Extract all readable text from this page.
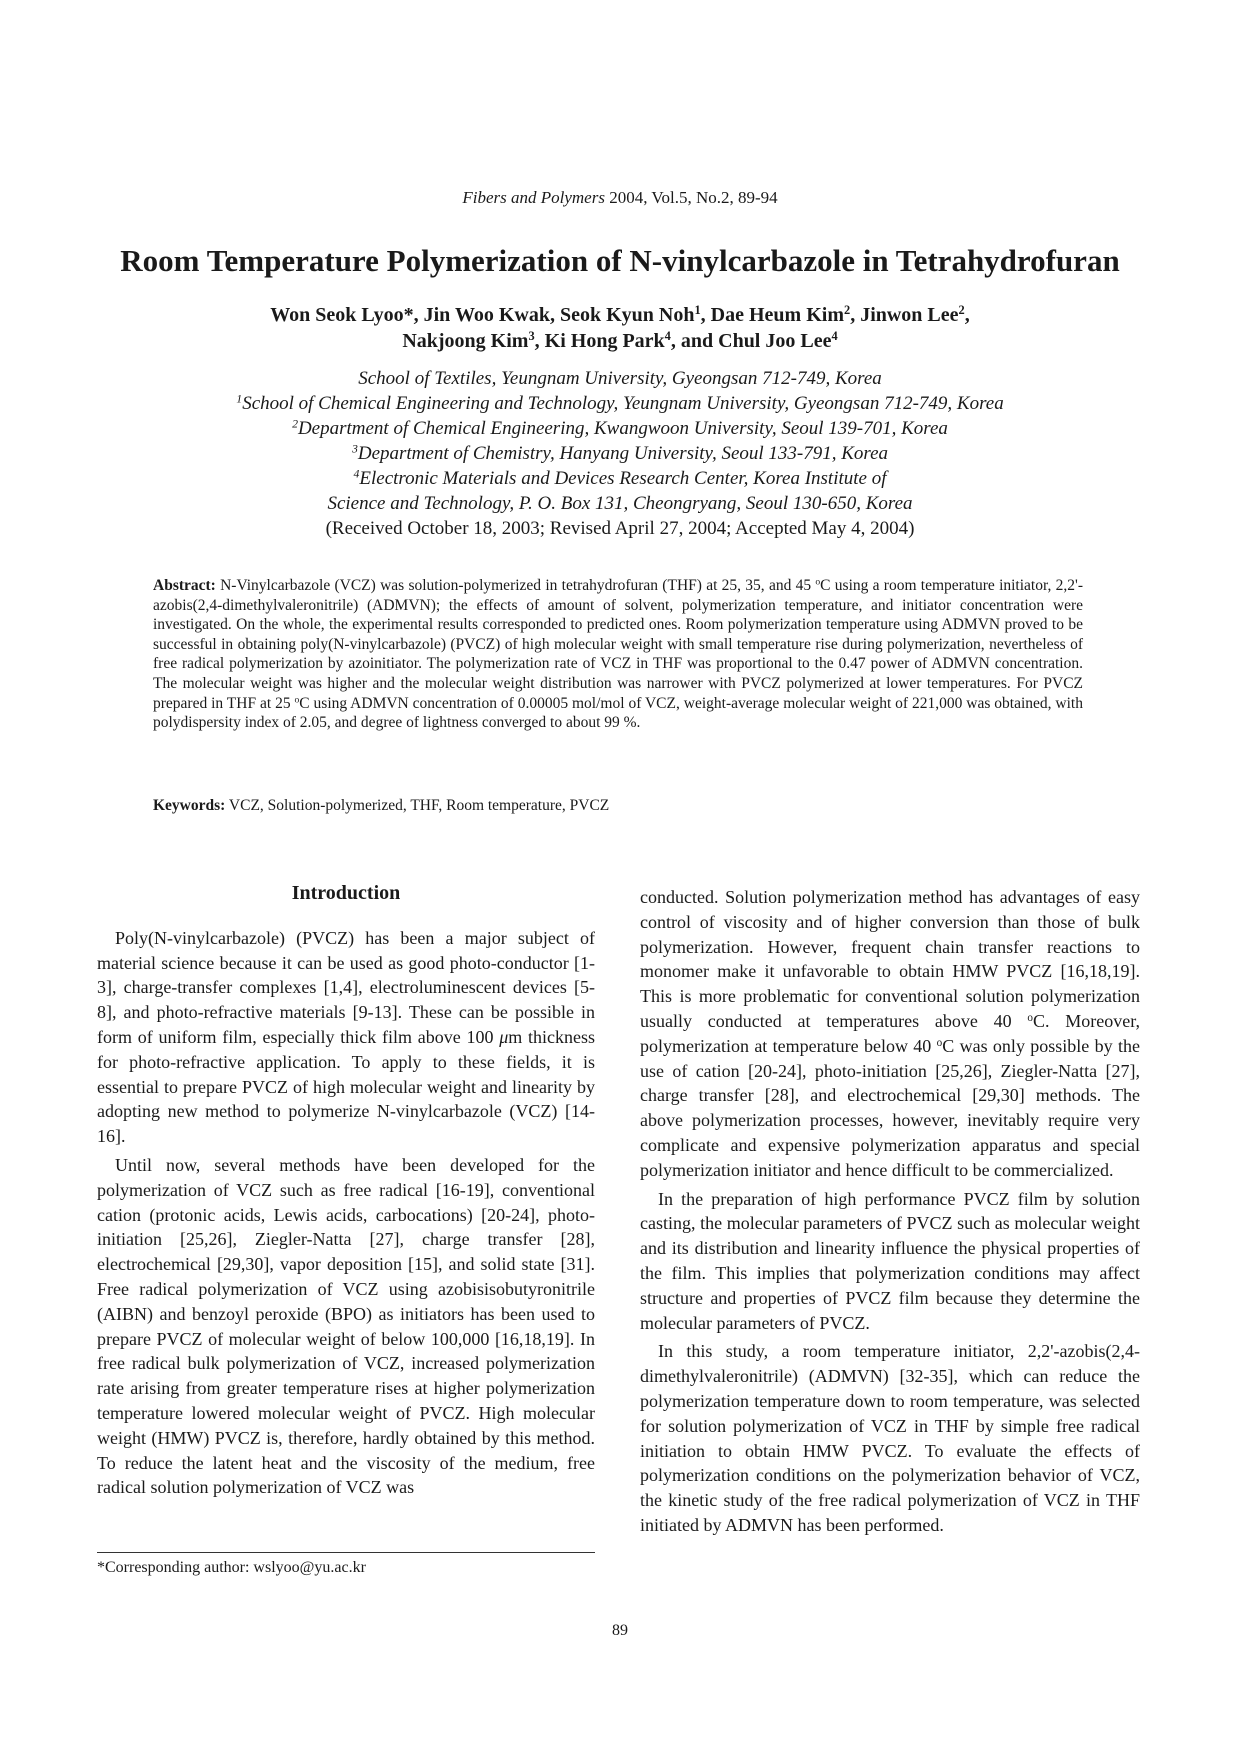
Fibers and Polymers 2004, Vol.5, No.2, 89-94
Room Temperature Polymerization of N-vinylcarbazole in Tetrahydrofuran
Won Seok Lyoo*, Jin Woo Kwak, Seok Kyun Noh$^1$, Dae Heum Kim$^2$, Jinwon Lee$^2$,
Nakjoong Kim$^3$, Ki Hong Park$^4$, and Chul Joo Lee$^4$
School of Textiles, Yeungnam University, Gyeongsan 712-749, Korea
$^1$School of Chemical Engineering and Technology, Yeungnam University, Gyeongsan 712-749, Korea
$^2$Department of Chemical Engineering, Kwangwoon University, Seoul 139-701, Korea
$^3$Department of Chemistry, Hanyang University, Seoul 133-791, Korea
$^4$Electronic Materials and Devices Research Center, Korea Institute of
Science and Technology, P. O. Box 131, Cheongryang, Seoul 130-650, Korea
(Received October 18, 2003; Revised April 27, 2004; Accepted May 4, 2004)
Abstract: N-Vinylcarbazole (VCZ) was solution-polymerized in tetrahydrofuran (THF) at 25, 35, and 45 $^o$C using a room temperature initiator, 2,2'-azobis(2,4-dimethylvaleronitrile) (ADMVN); the effects of amount of solvent, polymerization temperature, and initiator concentration were investigated. On the whole, the experimental results corresponded to predicted ones. Room polymerization temperature using ADMVN proved to be successful in obtaining poly(N-vinylcarbazole) (PVCZ) of high molecular weight with small temperature rise during polymerization, nevertheless of free radical polymerization by azoinitiator. The polymerization rate of VCZ in THF was proportional to the 0.47 power of ADMVN concentration. The molecular weight was higher and the molecular weight distribution was narrower with PVCZ polymerized at lower temperatures. For PVCZ prepared in THF at 25 $^o$C using ADMVN concentration of 0.00005 mol/mol of VCZ, weight-average molecular weight of 221,000 was obtained, with polydispersity index of 2.05, and degree of lightness converged to about 99 %.
Keywords: VCZ, Solution-polymerized, THF, Room temperature, PVCZ
Introduction

Poly(N-vinylcarbazole) (PVCZ) has been a major subject of material science because it can be used as good photo-conductor [1-3], charge-transfer complexes [1,4], electroluminescent devices [5-8], and photo-refractive materials [9-13]. These can be possible in form of uniform film, especially thick film above 100 μm thickness for photo-refractive application. To apply to these fields, it is essential to prepare PVCZ of high molecular weight and linearity by adopting new method to polymerize N-vinylcarbazole (VCZ) [14-16].

Until now, several methods have been developed for the polymerization of VCZ such as free radical [16-19], conventional cation (protonic acids, Lewis acids, carbocations) [20-24], photo-initiation [25,26], Ziegler-Natta [27], charge transfer [28], electrochemical [29,30], vapor deposition [15], and solid state [31]. Free radical polymerization of VCZ using azobisisobutyronitrile (AIBN) and benzoyl peroxide (BPO) as initiators has been used to prepare PVCZ of molecular weight of below 100,000 [16,18,19]. In free radical bulk polymerization of VCZ, increased polymerization rate arising from greater temperature rises at higher polymerization temperature lowered molecular weight of PVCZ. High molecular weight (HMW) PVCZ is, therefore, hardly obtained by this method. To reduce the latent heat and the viscosity of the medium, free radical solution polymerization of VCZ was

conducted. Solution polymerization method has advantages of easy control of viscosity and of higher conversion than those of bulk polymerization. However, frequent chain transfer reactions to monomer make it unfavorable to obtain HMW PVCZ [16,18,19]. This is more problematic for conventional solution polymerization usually conducted at temperatures above 40 $^o$C. Moreover, polymerization at temperature below 40 $^o$C was only possible by the use of cation [20-24], photo-initiation [25,26], Ziegler-Natta [27], charge transfer [28], and electrochemical [29,30] methods. The above polymerization processes, however, inevitably require very complicate and expensive polymerization apparatus and special polymerization initiator and hence difficult to be commercialized.

In the preparation of high performance PVCZ film by solution casting, the molecular parameters of PVCZ such as molecular weight and its distribution and linearity influence the physical properties of the film. This implies that polymerization conditions may affect structure and properties of PVCZ film because they determine the molecular parameters of PVCZ.

In this study, a room temperature initiator, 2,2'-azobis(2,4-dimethylvaleronitrile) (ADMVN) [32-35], which can reduce the polymerization temperature down to room temperature, was selected for solution polymerization of VCZ in THF by simple free radical initiation to obtain HMW PVCZ. To evaluate the effects of polymerization conditions on the polymerization behavior of VCZ, the kinetic study of the free radical polymerization of VCZ in THF initiated by ADMVN has been performed.

*Corresponding author: wslyoo@yu.ac.kr
89
